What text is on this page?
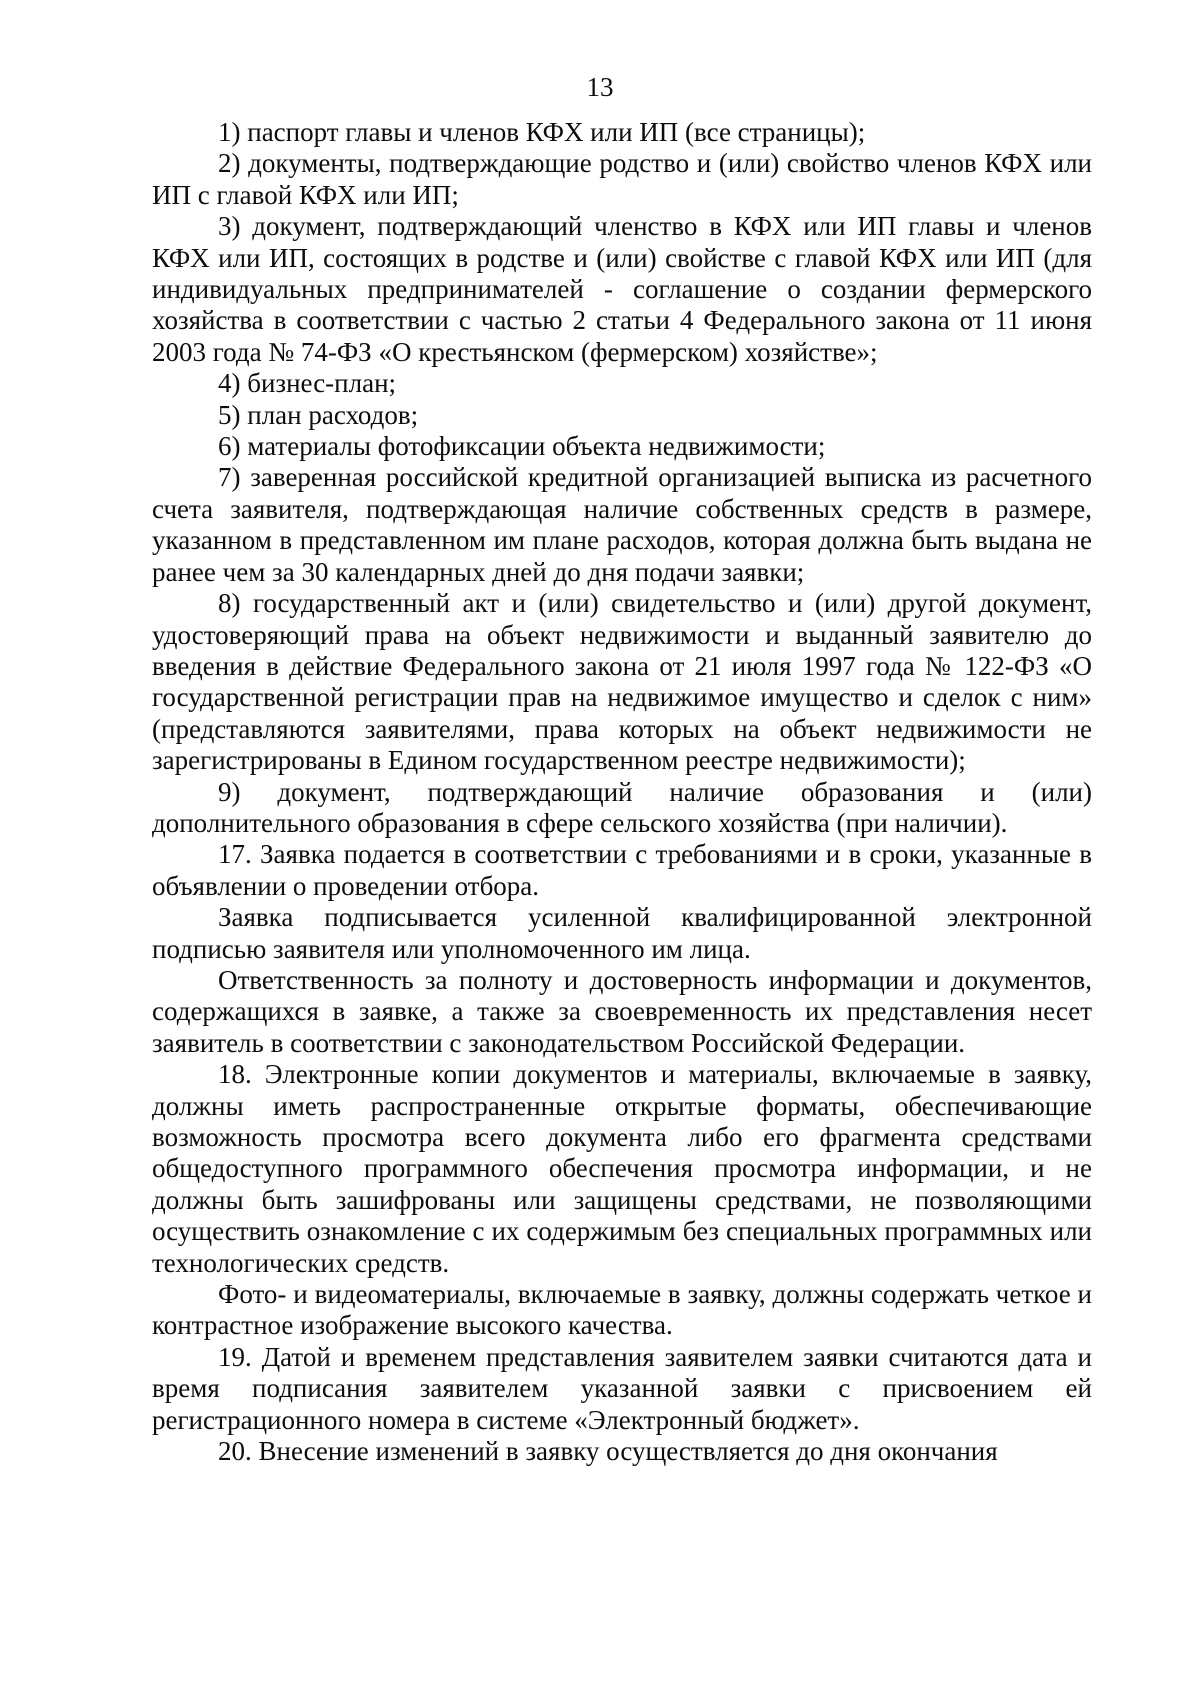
13

1) паспорт главы и членов КФХ или ИП (все страницы);

2) документы, подтверждающие родство и (или) свойство членов КФХ или ИП с главой КФХ или ИП;

3) документ, подтверждающий членство в КФХ или ИП главы и членов КФХ или ИП, состоящих в родстве и (или) свойстве с главой КФХ или ИП (для индивидуальных предпринимателей - соглашение о создании фермерского хозяйства в соответствии с частью 2 статьи 4 Федерального закона от 11 июня 2003 года № 74-ФЗ «О крестьянском (фермерском) хозяйстве»;

4) бизнес-план;

5) план расходов;

6) материалы фотофиксации объекта недвижимости;

7) заверенная российской кредитной организацией выписка из расчетного счета заявителя, подтверждающая наличие собственных средств в размере, указанном в представленном им плане расходов, которая должна быть выдана не ранее чем за 30 календарных дней до дня подачи заявки;

8) государственный акт и (или) свидетельство и (или) другой документ, удостоверяющий права на объект недвижимости и выданный заявителю до введения в действие Федерального закона от 21 июля 1997 года № 122-ФЗ «О государственной регистрации прав на недвижимое имущество и сделок с ним» (представляются заявителями, права которых на объект недвижимости не зарегистрированы в Едином государственном реестре недвижимости);

9) документ, подтверждающий наличие образования и (или) дополнительного образования в сфере сельского хозяйства (при наличии).

17. Заявка подается в соответствии с требованиями и в сроки, указанные в объявлении о проведении отбора.

Заявка подписывается усиленной квалифицированной электронной подписью заявителя или уполномоченного им лица.

Ответственность за полноту и достоверность информации и документов, содержащихся в заявке, а также за своевременность их представления несет заявитель в соответствии с законодательством Российской Федерации.

18. Электронные копии документов и материалы, включаемые в заявку, должны иметь распространенные открытые форматы, обеспечивающие возможность просмотра всего документа либо его фрагмента средствами общедоступного программного обеспечения просмотра информации, и не должны быть зашифрованы или защищены средствами, не позволяющими осуществить ознакомление с их содержимым без специальных программных или технологических средств.

Фото- и видеоматериалы, включаемые в заявку, должны содержать четкое и контрастное изображение высокого качества.

19. Датой и временем представления заявителем заявки считаются дата и время подписания заявителем указанной заявки с присвоением ей регистрационного номера в системе «Электронный бюджет».

20. Внесение изменений в заявку осуществляется до дня окончания
